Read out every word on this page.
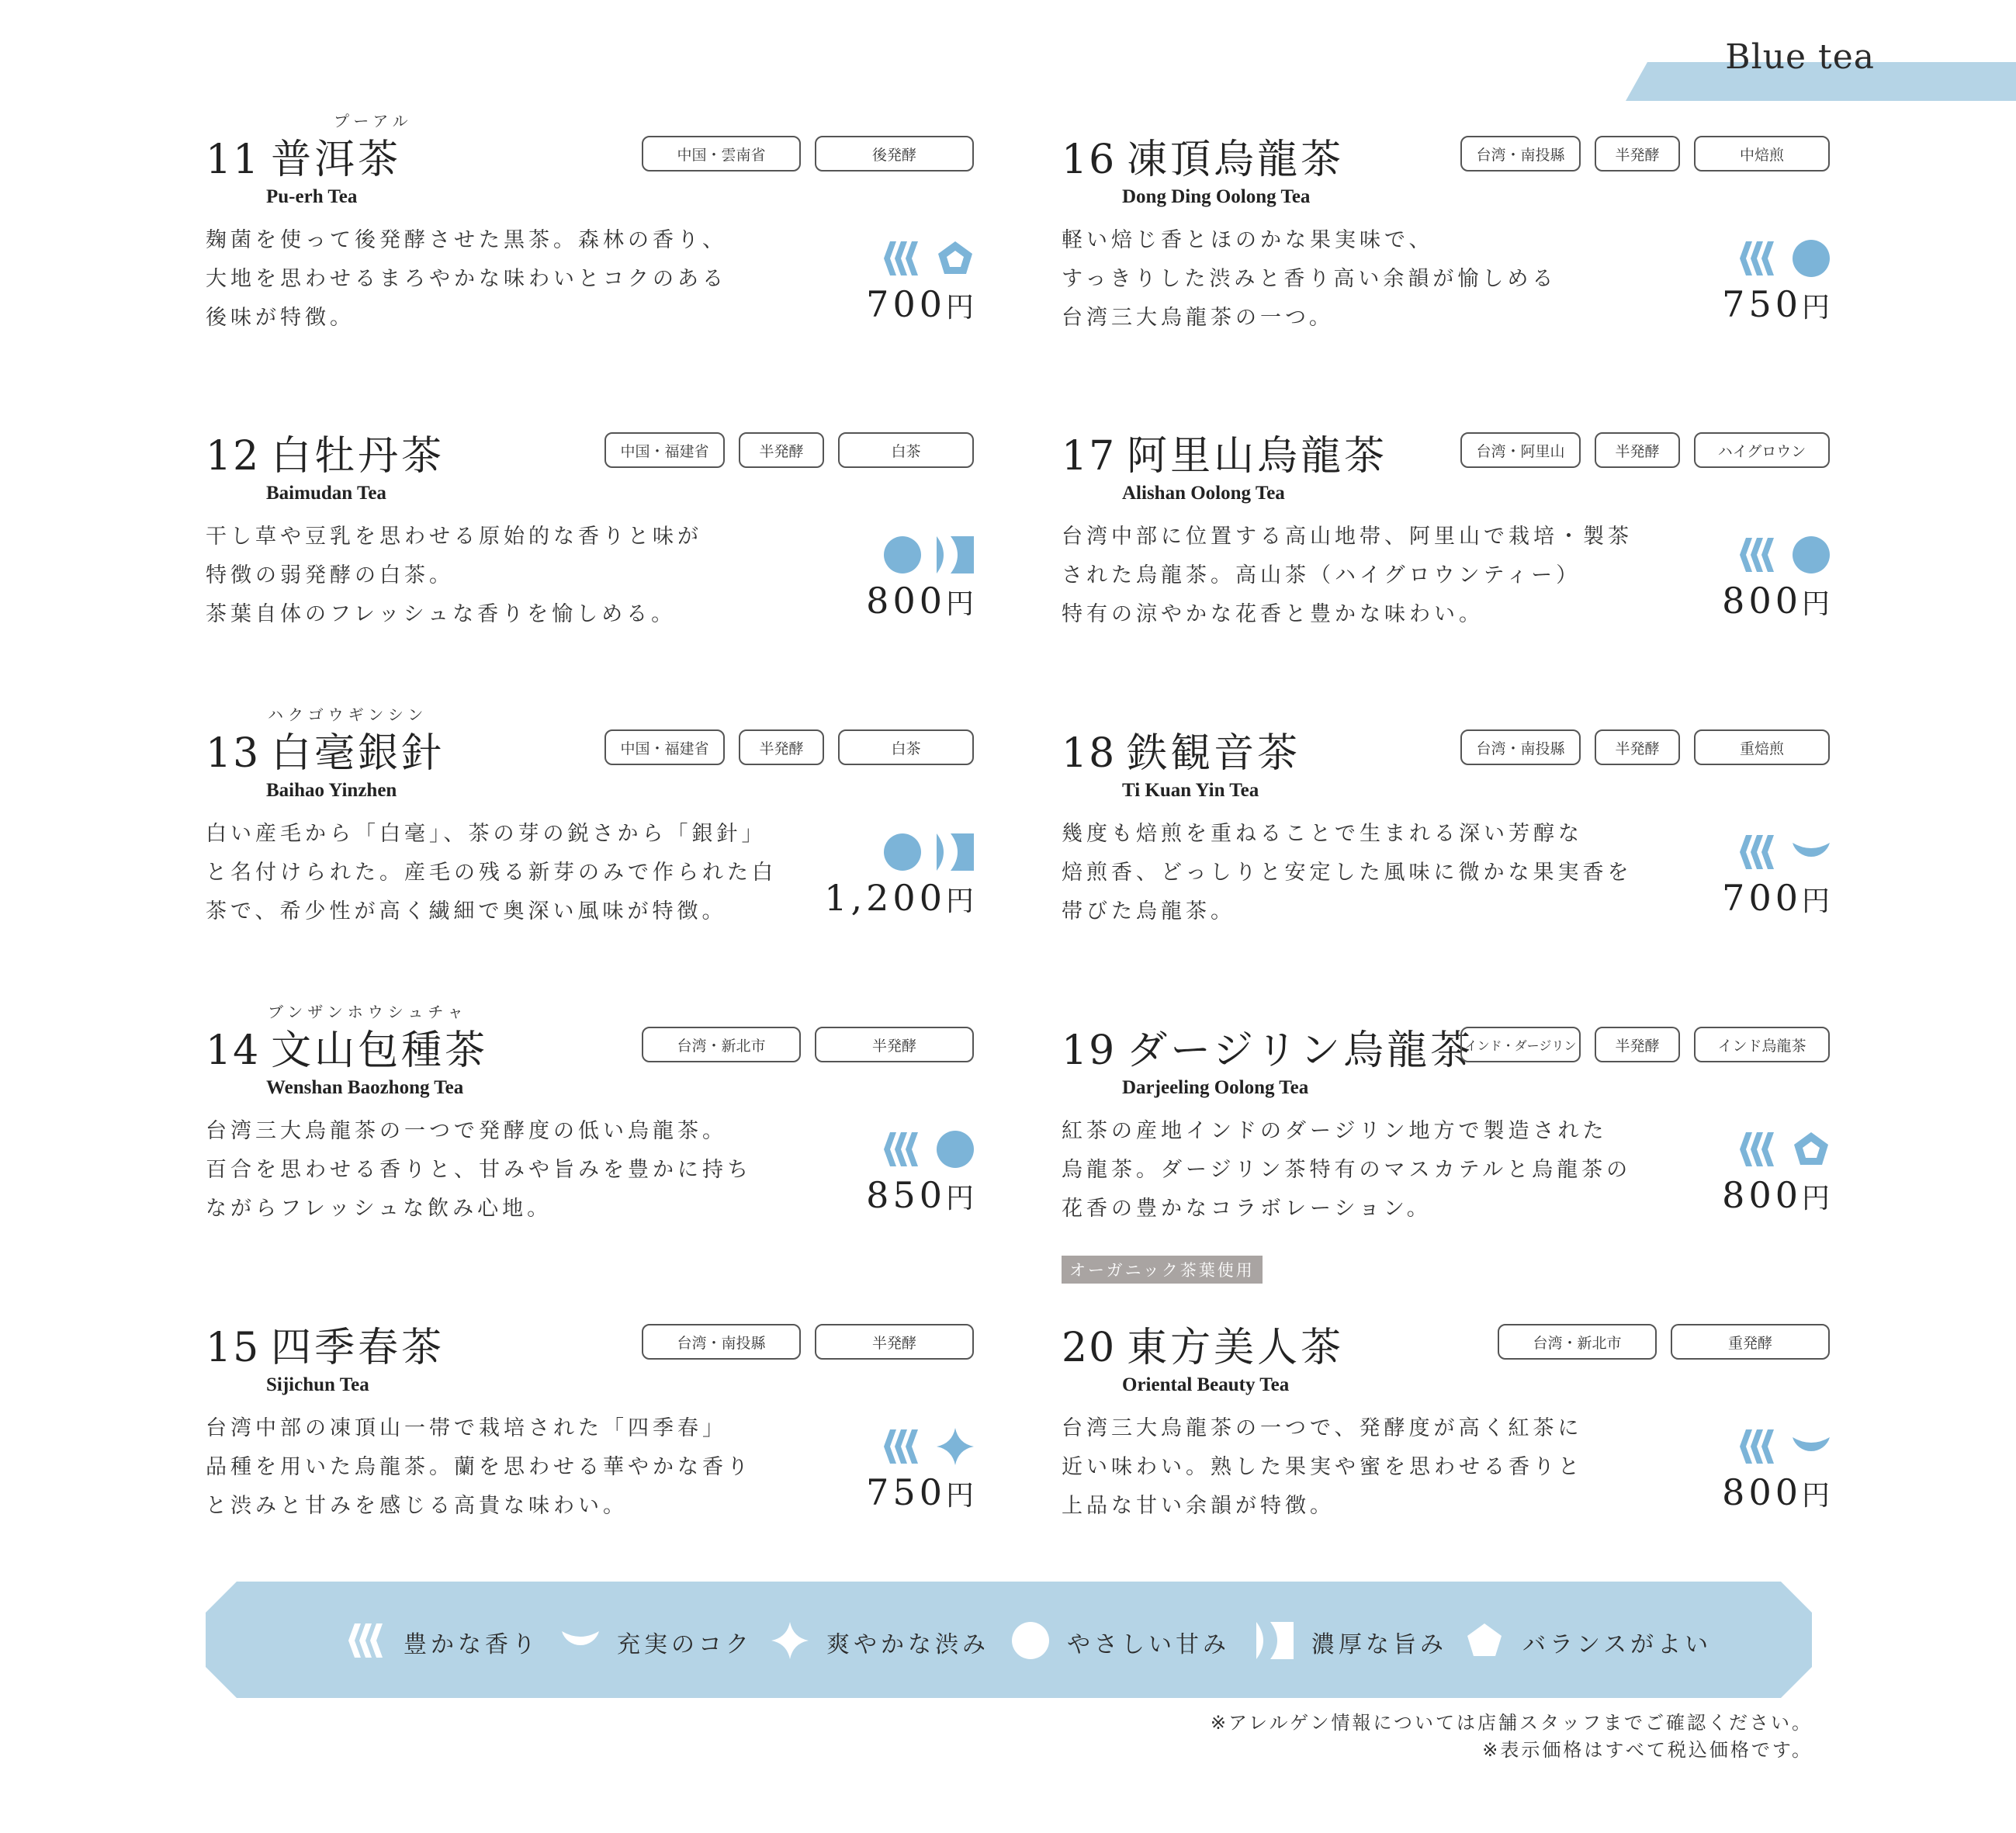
Blue tea
プーアル
11 普洱茶
Pu-erh Tea
中国・雲南省	後発酵
麹菌を使って後発酵させた黒茶。森林の香り、
大地を思わせるまろやかな味わいとコクのある
後味が特徴。	700円
12 白牡丹茶
Baimudan Tea
中国・福建省	半発酵	白茶
干し草や豆乳を思わせる原始的な香りと味が
特徴の弱発酵の白茶。
茶葉自体のフレッシュな香りを愉しめる。	800円
ハクゴウギンシン
13 白毫銀針
Baihao Yinzhen
中国・福建省	半発酵	白茶
白い産毛から「白毫」、茶の芽の鋭さから「銀針」
と名付けられた。産毛の残る新芽のみで作られた白
茶で、希少性が高く繊細で奥深い風味が特徴。	1,200円
ブンザンホウシュチャ
14 文山包種茶
Wenshan Baozhong Tea
台湾・新北市	半発酵
台湾三大烏龍茶の一つで発酵度の低い烏龍茶。
百合を思わせる香りと、甘みや旨みを豊かに持ち
ながらフレッシュな飲み心地。	850円
15 四季春茶
Sijichun Tea
台湾・南投縣	半発酵
台湾中部の凍頂山一帯で栽培された「四季春」
品種を用いた烏龍茶。蘭を思わせる華やかな香り
と渋みと甘みを感じる高貴な味わい。	750円
16 凍頂烏龍茶
Dong Ding Oolong Tea
台湾・南投縣	半発酵	中焙煎
軽い焙じ香とほのかな果実味で、
すっきりした渋みと香り高い余韻が愉しめる
台湾三大烏龍茶の一つ。	750円
17 阿里山烏龍茶
Alishan Oolong Tea
台湾・阿里山	半発酵	ハイグロウン
台湾中部に位置する高山地帯、阿里山で栽培・製茶
された烏龍茶。高山茶（ハイグロウンティー）
特有の涼やかな花香と豊かな味わい。	800円
18 鉄観音茶
Ti Kuan Yin Tea
台湾・南投縣	半発酵	重焙煎
幾度も焙煎を重ねることで生まれる深い芳醇な
焙煎香、どっしりと安定した風味に微かな果実香を
帯びた烏龍茶。	700円
19 ダージリン烏龍茶
Darjeeling Oolong Tea
インド・ダージリン	半発酵	インド烏龍茶
紅茶の産地インドのダージリン地方で製造された
烏龍茶。ダージリン茶特有のマスカテルと烏龍茶の
花香の豊かなコラボレーション。	800円
オーガニック茶葉使用
20 東方美人茶
Oriental Beauty Tea
台湾・新北市	重発酵
台湾三大烏龍茶の一つで、発酵度が高く紅茶に
近い味わい。熟した果実や蜜を思わせる香りと
上品な甘い余韻が特徴。	800円
豊かな香り	充実のコク	爽やかな渋み	やさしい甘み	濃厚な旨み	バランスがよい
※アレルゲン情報については店舗スタッフまでご確認ください。
※表示価格はすべて税込価格です。
